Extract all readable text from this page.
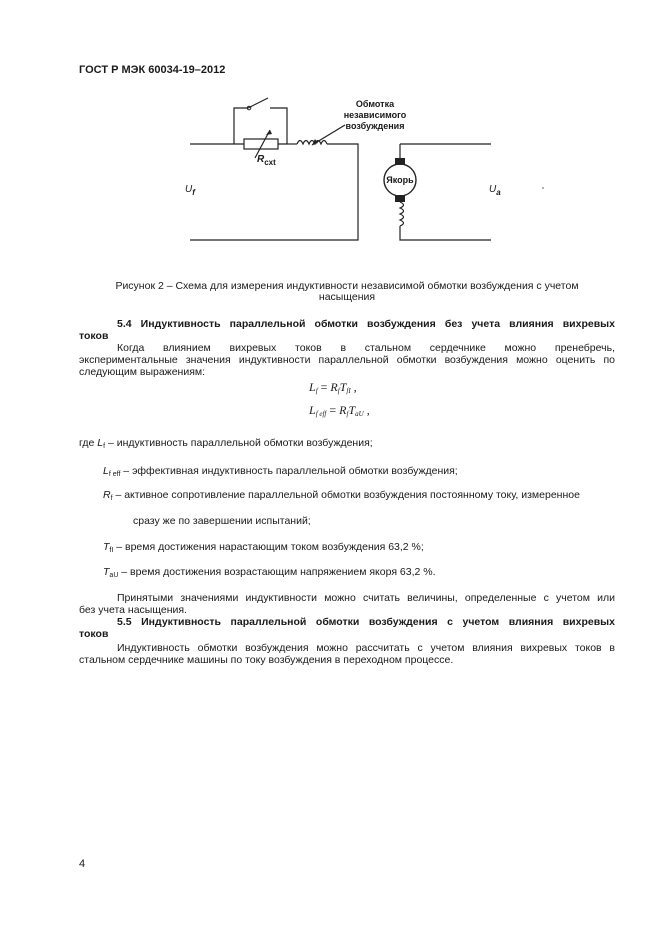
ГОСТ Р МЭК 60034-19–2012
Обмотка
независимого
возбуждения
Якорь
$R_{cxt}$
$U_f$	$U_a$
Рисунок 2 – Схема для измерения индуктивности независимой обмотки возбуждения с учетом
насыщения
5.4 Индуктивность параллельной обмотки возбуждения без учета влияния вихревых
токов
Когда влиянием вихревых токов в стальном сердечнике можно пренебречь,
экспериментальные значения индуктивности параллельной обмотки возбуждения можно оценить по
следующим выражениям:
$L_f = R_fT_{fI}$ ,
$L_{f eff} = R_fT_{aU}$ ,
где $L_f$ – индуктивность параллельной обмотки возбуждения;
$L_{f eff}$ – эффективная индуктивность параллельной обмотки возбуждения;
$R_f$ – активное сопротивление параллельной обмотки возбуждения постоянному току, измеренное
сразу же по завершении испытаний;
$T_{fI}$ – время достижения нарастающим током возбуждения 63,2 %;
$T_{aU}$ – время достижения возрастающим напряжением якоря 63,2 %.
Принятыми значениями индуктивности можно считать величины, определенные с учетом или
без учета насыщения.
5.5 Индуктивность параллельной обмотки возбуждения с учетом влияния вихревых
токов
Индуктивность обмотки возбуждения можно рассчитать с учетом влияния вихревых токов в
стальном сердечнике машины по току возбуждения в переходном процессе.
4
